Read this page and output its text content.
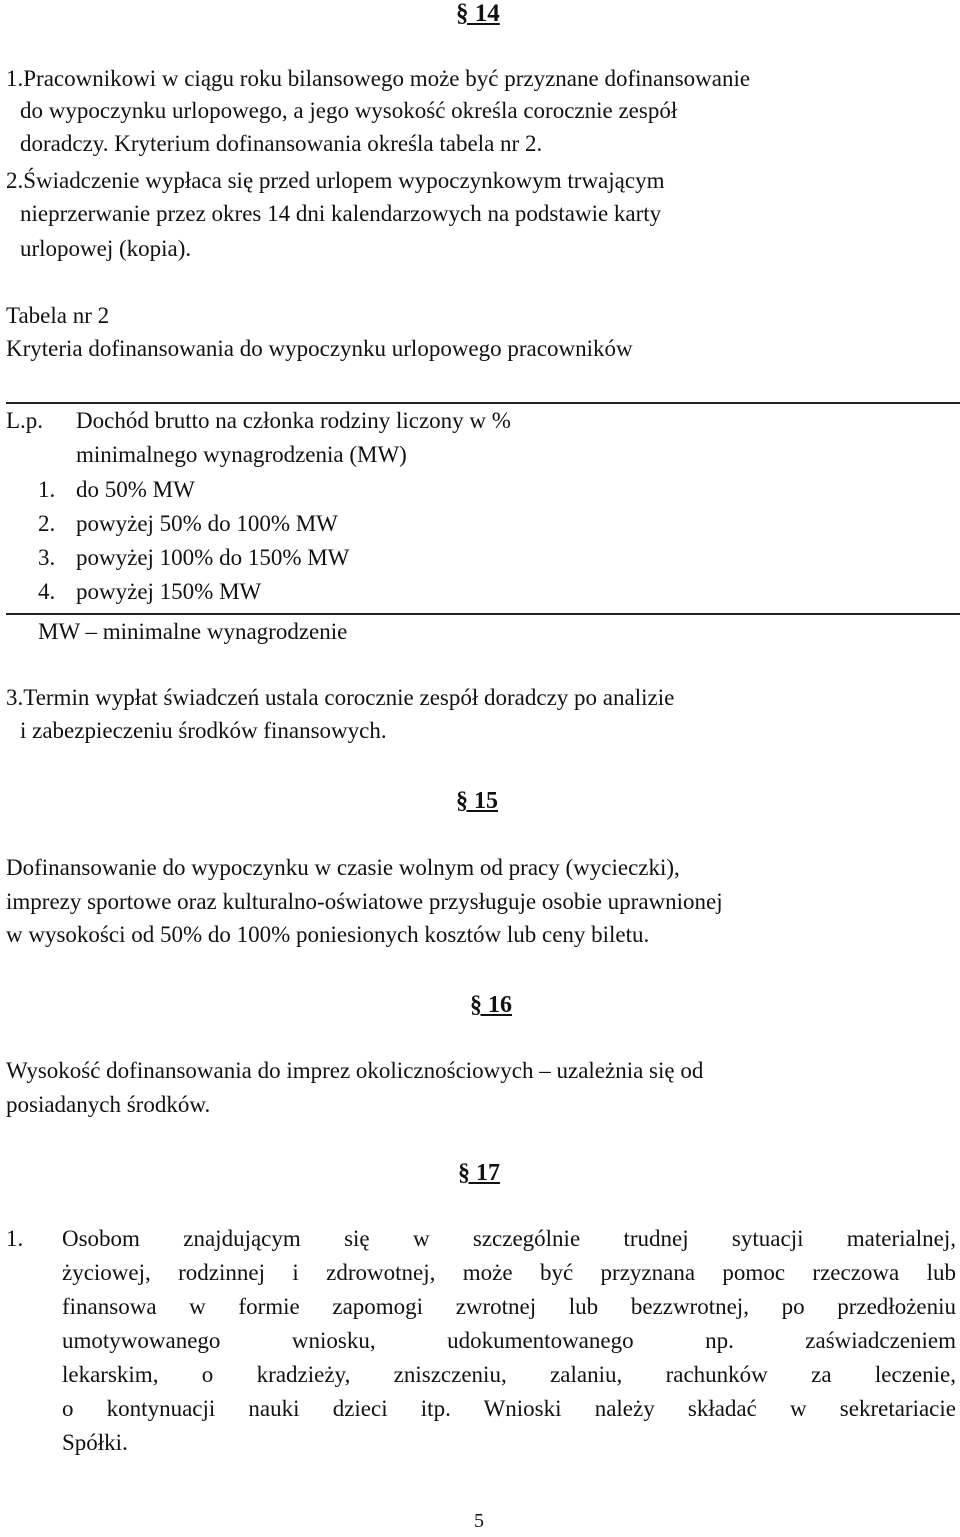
§ 14
1.Pracownikowi w ciągu roku bilansowego może być przyznane dofinansowanie
do wypoczynku urlopowego, a jego wysokość określa corocznie zespół
doradczy. Kryterium dofinansowania określa tabela nr 2.
2.Świadczenie wypłaca się przed urlopem wypoczynkowym trwającym
nieprzerwanie przez okres 14 dni kalendarzowych na podstawie karty
urlopowej (kopia).
Tabela nr 2
Kryteria dofinansowania do wypoczynku urlopowego pracowników
L.p. Dochód brutto na członka rodziny liczony w %
minimalnego wynagrodzenia (MW)
1. do 50% MW
2. powyżej 50% do 100% MW
3. powyżej 100% do 150% MW
4. powyżej 150% MW
MW – minimalne wynagrodzenie
3.Termin wypłat świadczeń ustala corocznie zespół doradczy po analizie
i zabezpieczeniu środków finansowych.
§ 15
Dofinansowanie do wypoczynku w czasie wolnym od pracy (wycieczki),
imprezy sportowe oraz kulturalno-oświatowe przysługuje osobie uprawnionej
w wysokości od 50% do 100% poniesionych kosztów lub ceny biletu.
§ 16
Wysokość dofinansowania do imprez okolicznościowych – uzależnia się od
posiadanych środków.
§ 17
1. Osobom znajdującym się w szczególnie trudnej sytuacji materialnej,
życiowej, rodzinnej i zdrowotnej, może być przyznana pomoc rzeczowa lub
finansowa w formie zapomogi zwrotnej lub bezzwrotnej, po przedłożeniu
umotywowanego wniosku, udokumentowanego np. zaświadczeniem
lekarskim, o kradzieży, zniszczeniu, zalaniu, rachunków za leczenie,
o kontynuacji nauki dzieci itp. Wnioski należy składać w sekretariacie
Spółki.
5
